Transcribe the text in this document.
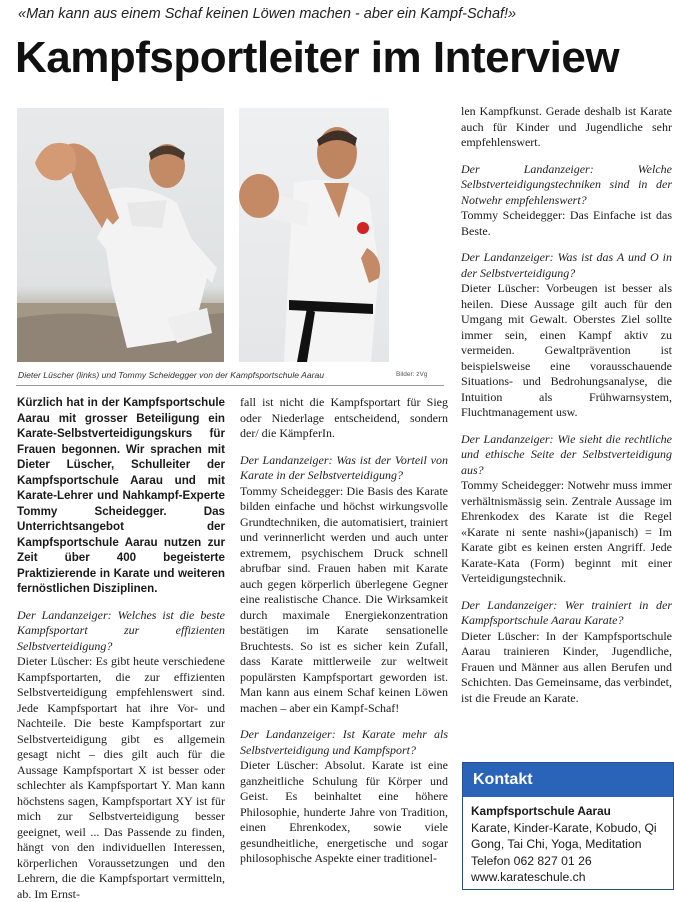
«Man kann aus einem Schaf keinen Löwen machen - aber ein Kampf-Schaf!»
Kampfsportleiter im Interview
Dieter Lüscher (links) und Tommy Scheidegger von der Kampfsportschule Aarau	Bilder: zVg

Kürzlich hat in der Kampfsportschule Aarau mit grosser Beteiligung ein Karate-Selbstverteidigungskurs für Frauen begonnen. Wir sprachen mit Dieter Lüscher, Schulleiter der Kampfsportschule Aarau und mit Karate-Lehrer und Nahkampf-Experte Tommy Scheidegger. Das Unterrichtsangebot der Kampfsportschule Aarau nutzen zur Zeit über 400 begeisterte Praktizierende in Karate und weiteren fernöstlichen Disziplinen.

Der Landanzeiger: Welches ist die beste Kampfsportart zur effizienten Selbstverteidigung?

Dieter Lüscher: Es gibt heute verschiedene Kampfsportarten, die zur effizienten Selbstverteidigung empfehlenswert sind. Jede Kampfsportart hat ihre Vor- und Nachteile. Die beste Kampfsportart zur Selbstverteidigung gibt es allgemein gesagt nicht – dies gilt auch für die Aussage Kampfsportart X ist besser oder schlechter als Kampfsportart Y. Man kann höchstens sagen, Kampfsportart XY ist für mich zur Selbstverteidigung besser geeignet, weil ... Das Passende zu finden, hängt von den individuellen Interessen, körperlichen Voraussetzungen und den Lehrern, die die Kampfsportart vermitteln, ab. Im Ernst-

fall ist nicht die Kampfsportart für Sieg oder Niederlage entscheidend, sondern der/ die KämpferIn.

Der Landanzeiger: Was ist der Vorteil von Karate in der Selbstverteidigung?

Tommy Scheidegger: Die Basis des Karate bilden einfache und höchst wirkungsvolle Grundtechniken, die automatisiert, trainiert und verinnerlicht werden und auch unter extremem, psychischem Druck schnell abrufbar sind. Frauen haben mit Karate auch gegen körperlich überlegene Gegner eine realistische Chance. Die Wirksamkeit durch maximale Energiekonzentration bestätigen im Karate sensationelle Bruchtests. So ist es sicher kein Zufall, dass Karate mittlerweile zur weltweit populärsten Kampfsportart geworden ist. Man kann aus einem Schaf keinen Löwen machen – aber ein Kampf-Schaf!

Der Landanzeiger: Ist Karate mehr als Selbstverteidigung und Kampfsport?

Dieter Lüscher: Absolut. Karate ist eine ganzheitliche Schulung für Körper und Geist. Es beinhaltet eine höhere Philosophie, hunderte Jahre von Tradition, einen Ehrenkodex, sowie viele gesundheitliche, energetische und sogar philosophische Aspekte einer traditionel-

len Kampfkunst. Gerade deshalb ist Karate auch für Kinder und Jugendliche sehr empfehlenswert.

Der Landanzeiger: Welche Selbstverteidigungstechniken sind in der Notwehr empfehlenswert?

Tommy Scheidegger: Das Einfache ist das Beste.

Der Landanzeiger: Was ist das A und O in der Selbstverteidigung?

Dieter Lüscher: Vorbeugen ist besser als heilen. Diese Aussage gilt auch für den Umgang mit Gewalt. Oberstes Ziel sollte immer sein, einen Kampf aktiv zu vermeiden. Gewaltprävention ist beispielsweise eine vorausschauende Situations- und Bedrohungsanalyse, die Intuition als Frühwarnsystem, Fluchtmanagement usw.

Der Landanzeiger: Wie sieht die rechtliche und ethische Seite der Selbstverteidigung aus?

Tommy Scheidegger: Notwehr muss immer verhältnismässig sein. Zentrale Aussage im Ehrenkodex des Karate ist die Regel «Karate ni sente nashi»(japanisch) = Im Karate gibt es keinen ersten Angriff. Jede Karate-Kata (Form) beginnt mit einer Verteidigungstechnik.

Der Landanzeiger: Wer trainiert in der Kampfsportschule Aarau Karate?

Dieter Lüscher: In der Kampfsportschule Aarau trainieren Kinder, Jugendliche, Frauen und Männer aus allen Berufen und Schichten. Das Gemeinsame, das verbindet, ist die Freude an Karate.

Kontakt
Kampfsportschule Aarau
Karate, Kinder-Karate, Kobudo, Qi Gong, Tai Chi, Yoga, Meditation
Telefon 062 827 01 26
www.karateschule.ch
